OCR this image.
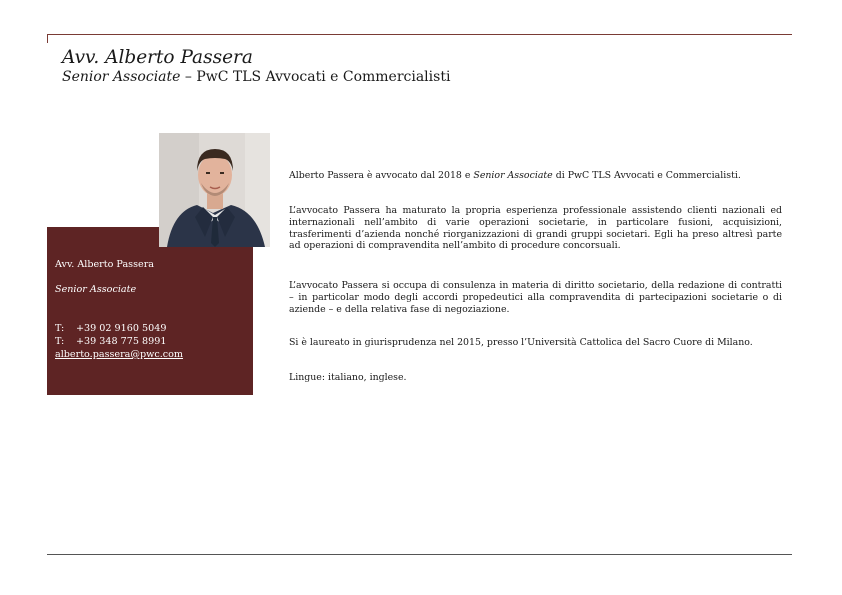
Avv. Alberto Passera
Senior Associate – PwC TLS Avvocati e Commercialisti
Avv. Alberto Passera
Senior Associate
T: +39 02 9160 5049
T: +39 348 775 8991
alberto.passera@pwc.com

Alberto Passera è avvocato dal 2018 e Senior Associate di PwC TLS Avvocati e Commercialisti.

L’avvocato Passera ha maturato la propria esperienza professionale assistendo clienti nazionali ed internazionali nell’ambito di varie operazioni societarie, in particolare fusioni, acquisizioni, trasferimenti d’azienda nonché riorganizzazioni di grandi gruppi societari. Egli ha preso altresì parte ad operazioni di compravendita nell’ambito di procedure concorsuali.

L’avvocato Passera si occupa di consulenza in materia di diritto societario, della redazione di contratti – in particolar modo degli accordi propedeutici alla compravendita di partecipazioni societarie o di aziende – e della relativa fase di negoziazione.

Si è laureato in giurisprudenza nel 2015, presso l’Università Cattolica del Sacro Cuore di Milano.

Lingue: italiano, inglese.
